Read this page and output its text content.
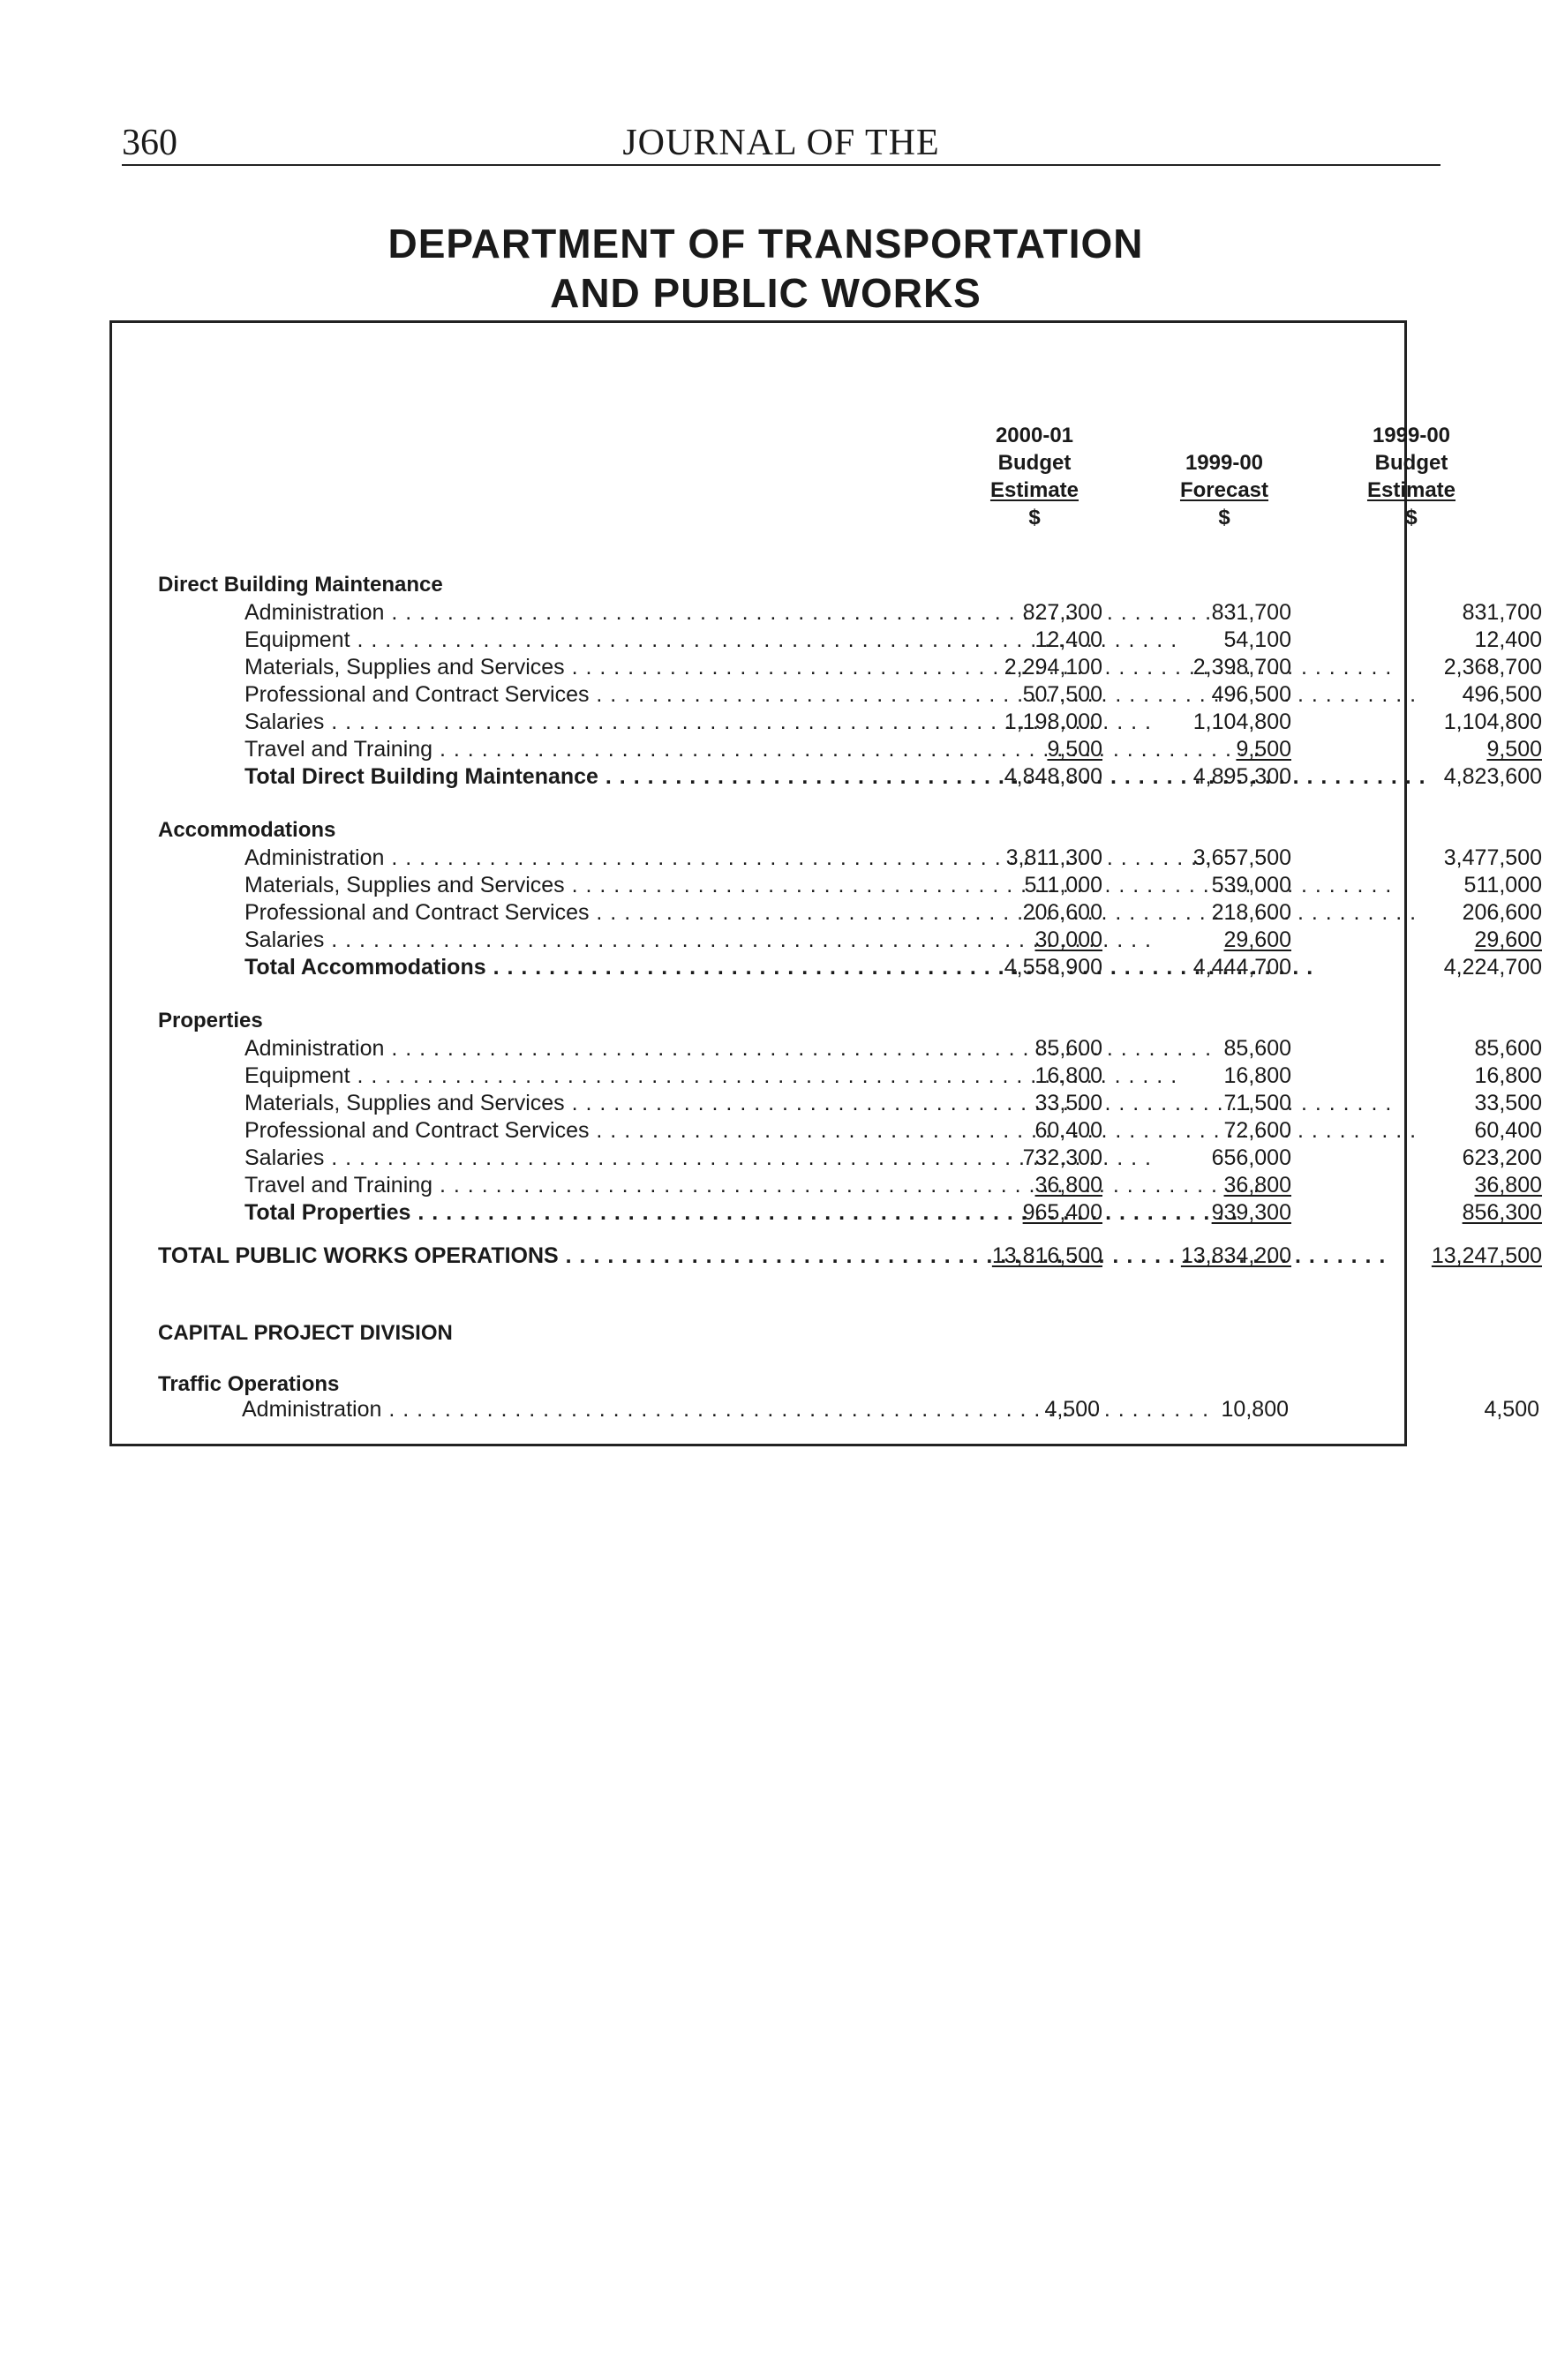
360	JOURNAL OF THE
DEPARTMENT OF TRANSPORTATION
AND PUBLIC WORKS
2000-01
Budget
Estimate
$
1999-00
Forecast
$
1999-00
Budget
Estimate
$
Direct Building Maintenance
Administration . . .	827,300	831,700	831,700
Equipment . . .	12,400	54,100	12,400
Materials, Supplies and Services . . .	2,294,100	2,398,700	2,368,700
Professional and Contract Services . . .	507,500	496,500	496,500
Salaries . . .	1,198,000	1,104,800	1,104,800
Travel and Training . . .	9,500	9,500	9,500
Total Direct Building Maintenance . . .	4,848,800	4,895,300	4,823,600
Accommodations
Administration . . .	3,811,300	3,657,500	3,477,500
Materials, Supplies and Services . . .	511,000	539,000	511,000
Professional and Contract Services . . .	206,600	218,600	206,600
Salaries . . .	30,000	29,600	29,600
Total Accommodations . . .	4,558,900	4,444,700	4,224,700
Properties
Administration . . .	85,600	85,600	85,600
Equipment . . .	16,800	16,800	16,800
Materials, Supplies and Services . . .	33,500	71,500	33,500
Professional and Contract Services . . .	60,400	72,600	60,400
Salaries . . .	732,300	656,000	623,200
Travel and Training . . .	36,800	36,800	36,800
Total Properties . . .	965,400	939,300	856,300
TOTAL PUBLIC WORKS OPERATIONS . . .	13,816,500	13,834,200	13,247,500
CAPITAL PROJECT DIVISION
Traffic Operations
Administration . . .	4,500	10,800	4,500
